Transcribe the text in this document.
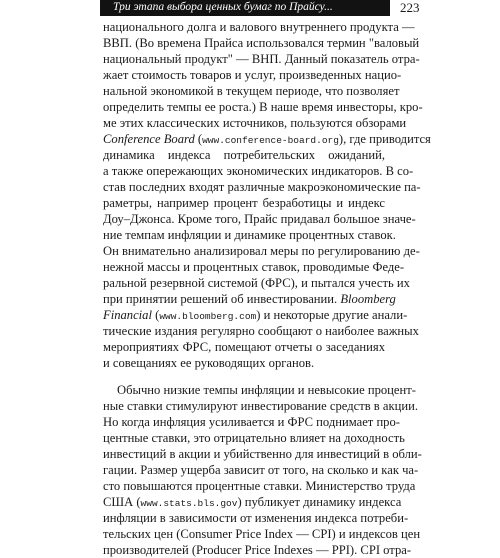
Три этапа выбора ценных бумаг по Прайсу...	223
национального долга и валового внутреннего продукта —
ВВП. (Во времена Прайса использовался термин "валовый
национальный продукт" — ВНП. Данный показатель отра-
жает стоимость товаров и услуг, произведенных нацио-
нальной экономикой в текущем периоде, что позволяет
определить темпы ее роста.) В наше время инвесторы, кро-
ме этих классических источников, пользуются обзорами
Conference Board (www.conference-board.org), где приводится
динамика индекса потребительских ожиданий,
а также опережающих экономических индикаторов. В со-
став последних входят различные макроэкономические па-
раметры, например процент безработицы и индекс
Доу–Джонса. Кроме того, Прайс придавал большое значе-
ние темпам инфляции и динамике процентных ставок.
Он внимательно анализировал меры по регулированию де-
нежной массы и процентных ставок, проводимые Феде-
ральной резервной системой (ФРС), и пытался учесть их
при принятии решений об инвестировании. Bloomberg
Financial (www.bloomberg.com) и некоторые другие анали-
тические издания регулярно сообщают о наиболее важных
мероприятиях ФРС, помещают отчеты о заседаниях
и совещаниях ее руководящих органов.
Обычно низкие темпы инфляции и невысокие процент-
ные ставки стимулируют инвестирование средств в акции.
Но когда инфляция усиливается и ФРС поднимает про-
центные ставки, это отрицательно влияет на доходность
инвестиций в акции и убийственно для инвестиций в обли-
гации. Размер ущерба зависит от того, на сколько и как ча-
сто повышаются процентные ставки. Министерство труда
США (www.stats.bls.gov) публикует динамику индекса
инфляции в зависимости от изменения индекса потреби-
тельских цен (Consumer Price Index — CPI) и индексов цен
производителей (Producer Price Indexes — PPI). CPI отра-
